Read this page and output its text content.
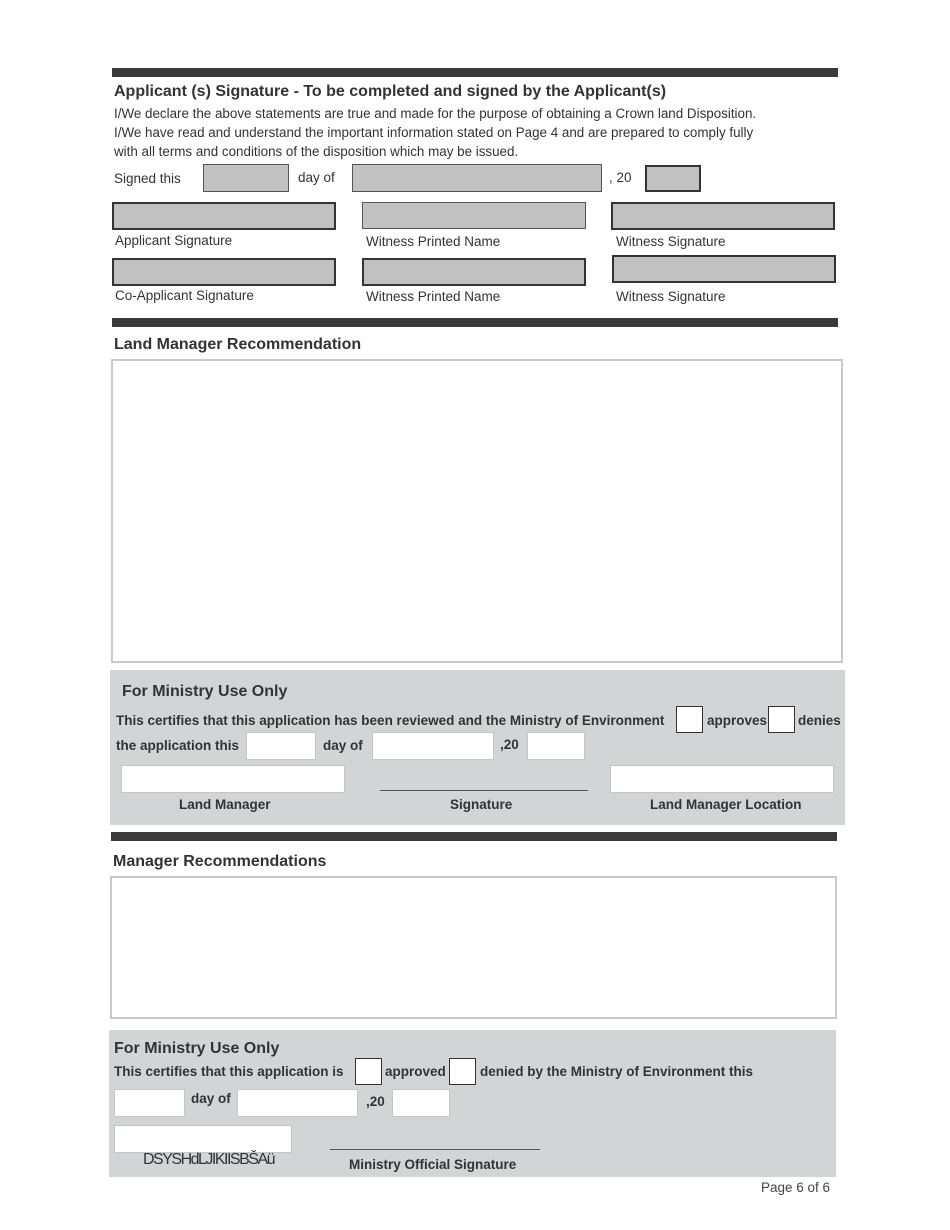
Applicant (s) Signature - To be completed and signed by the Applicant(s)
I/We declare the above statements are true and made for the purpose of obtaining a Crown land Disposition.
I/We have read and understand the important information stated on Page 4 and are prepared to comply fully
with all terms and conditions of the disposition which may be issued.
Signed this	day of	, 20
Applicant Signature	Witness Printed Name	Witness Signature
Co-Applicant Signature	Witness Printed Name	Witness Signature
Land Manager Recommendation
For Ministry Use Only
This certifies that this application has been reviewed and the Ministry of Environment	approves denies
the application this	day of	,20
Land Manager	Signature	Land Manager Location
Manager Recommendations
For Ministry Use Only
This certifies that this application is	approved	denied by the Ministry of Environment this
day of	,20
DSYSHdLJIKIISBŠAü	Ministry Official Signature
Page 6 of 6
